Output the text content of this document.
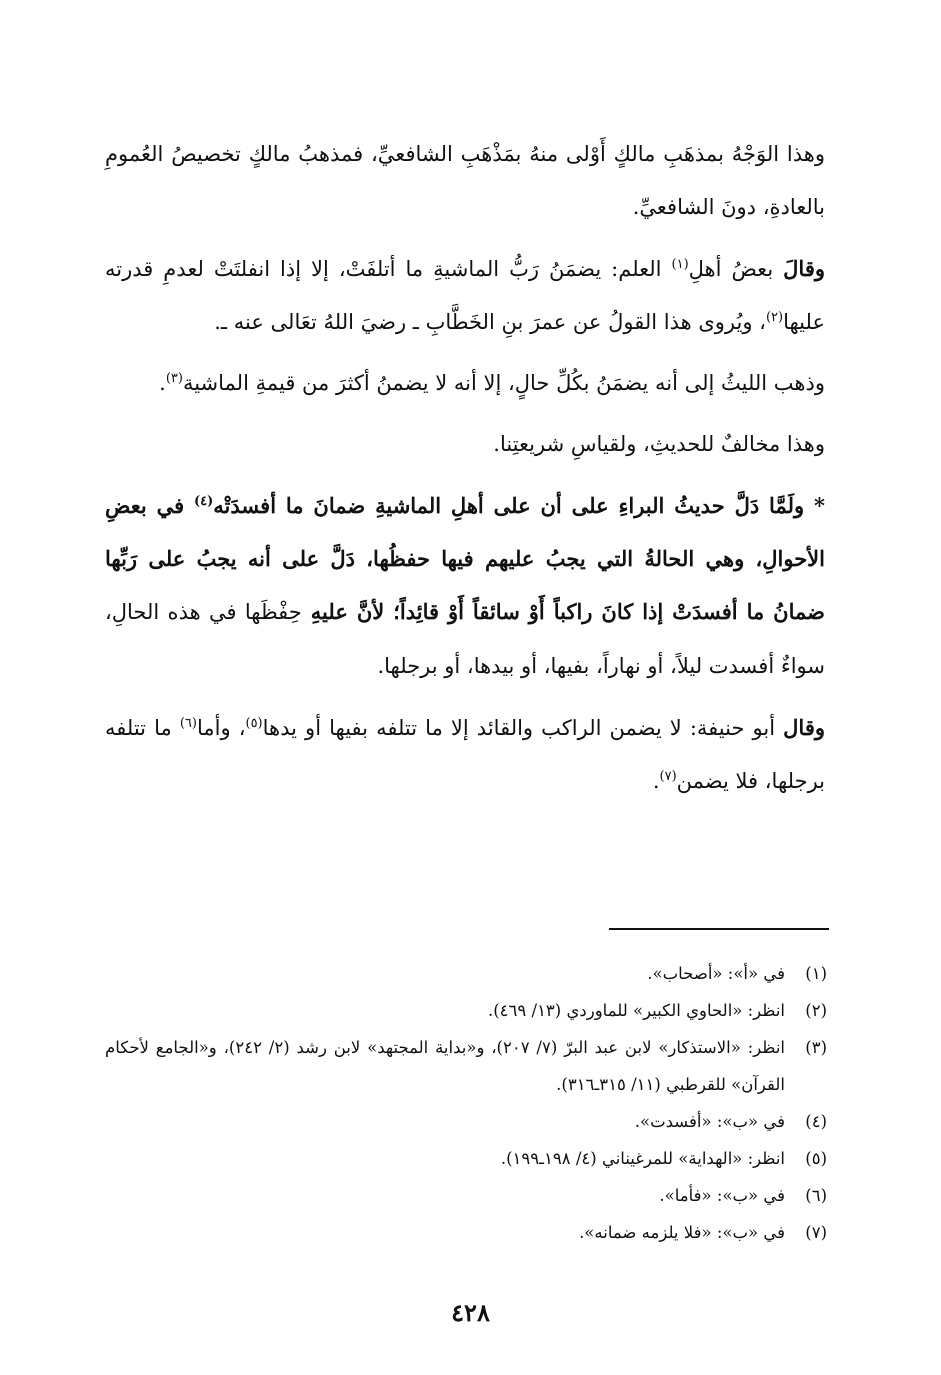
وهذا الوَجْهُ بمذهَبِ مالكٍ أَوْلى منهُ بمَذْهَبِ الشافعيِّ، فمذهبُ مالكٍ تخصيصُ العُمومِ بالعادةِ، دونَ الشافعيِّ.

وقالَ بعضُ أهلِ$^{(١)}$ العلم: يضمَنُ رَبُّ الماشيةِ ما أتلفَتْ، إلا إذا انفلتَتْ لعدمِ قدرته عليها$^{(٢)}$، ويُروى هذا القولُ عن عمرَ بنِ الخَطَّابِ ـ رضيَ اللهُ تعَالى عنه ـ.

وذهب الليثُ إلى أنه يضمَنُ بكُلِّ حالٍ، إلا أنه لا يضمنُ أكثرَ من قيمةِ الماشية$^{(٣)}$.

وهذا مخالفٌ للحديثِ، ولقياسِ شريعتِنا.

* ولَمَّا دَلَّ حديثُ البراءِ على أن على أهلِ الماشيةِ ضمانَ ما أفسدَتْه$^{(٤)}$ في بعضِ الأحوالِ، وهي الحالةُ التي يجبُ عليهم فيها حفظُها، دَلَّ على أنه يجبُ على رَبِّها ضمانُ ما أفسدَتْ إذا كانَ راكباً أَوْ سائقاً أَوْ قائِداً؛ لأنَّ عليهِ حِفْظَها في هذه الحالِ، سواءٌ أفسدت ليلاً، أو نهاراً، بفيها، أو بيدها، أو برجلها.

وقال أبو حنيفة: لا يضمن الراكب والقائد إلا ما تتلفه بفيها أو يدها$^{(٥)}$، وأما$^{(٦)}$ ما تتلفه برجلها، فلا يضمن$^{(٧)}$.

(١)
في «أ»: «أصحاب».
(٢)
انظر: «الحاوي الكبير» للماوردي (١٣/ ٤٦٩).
(٣)
انظر: «الاستذكار» لابن عبد البرّ (٧/ ٢٠٧)، و«بداية المجتهد» لابن رشد (٢/ ٢٤٢)، و«الجامع لأحكام القرآن» للقرطبي (١١/ ٣١٥ـ٣١٦).
(٤)
في «ب»: «أفسدت».
(٥)
انظر: «الهداية» للمرغيناني (٤/ ١٩٨ـ١٩٩).
(٦)
في «ب»: «فأما».
(٧)
في «ب»: «فلا يلزمه ضمانه».
٤٢٨
